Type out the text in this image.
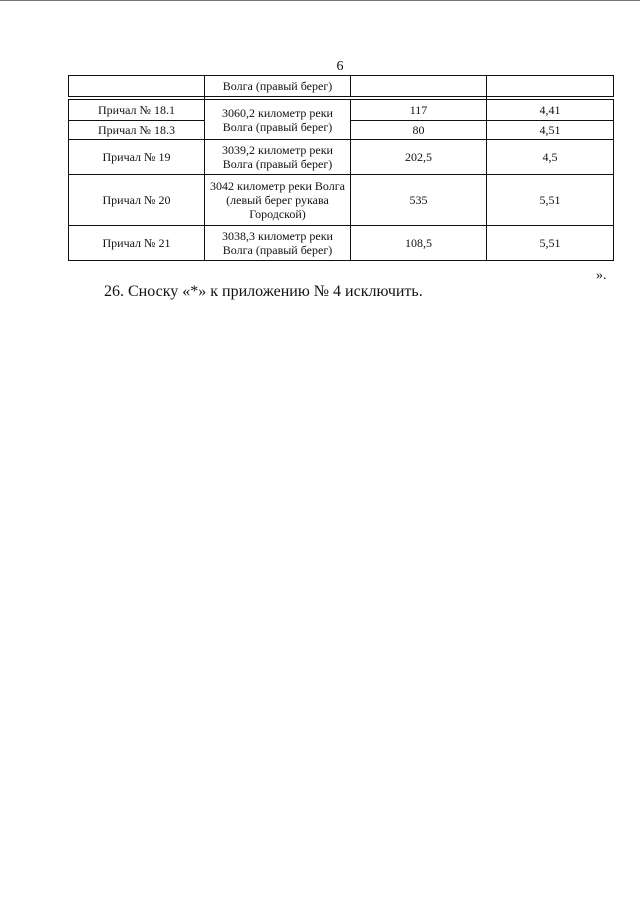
6
	Волга (правый берег)		

Причал № 18.1	3060,2 километр реки Волга (правый берег)	117	4,41
Причал № 18.3		80	4,51
Причал № 19	3039,2 километр реки Волга (правый берег)	202,5	4,5
Причал № 20	3042 километр реки Волга (левый берег рукава Городской)	535	5,51
Причал № 21	3038,3 километр реки Волга (правый берег)	108,5	5,51
».
26. Сноску «*» к приложению № 4 исключить.
